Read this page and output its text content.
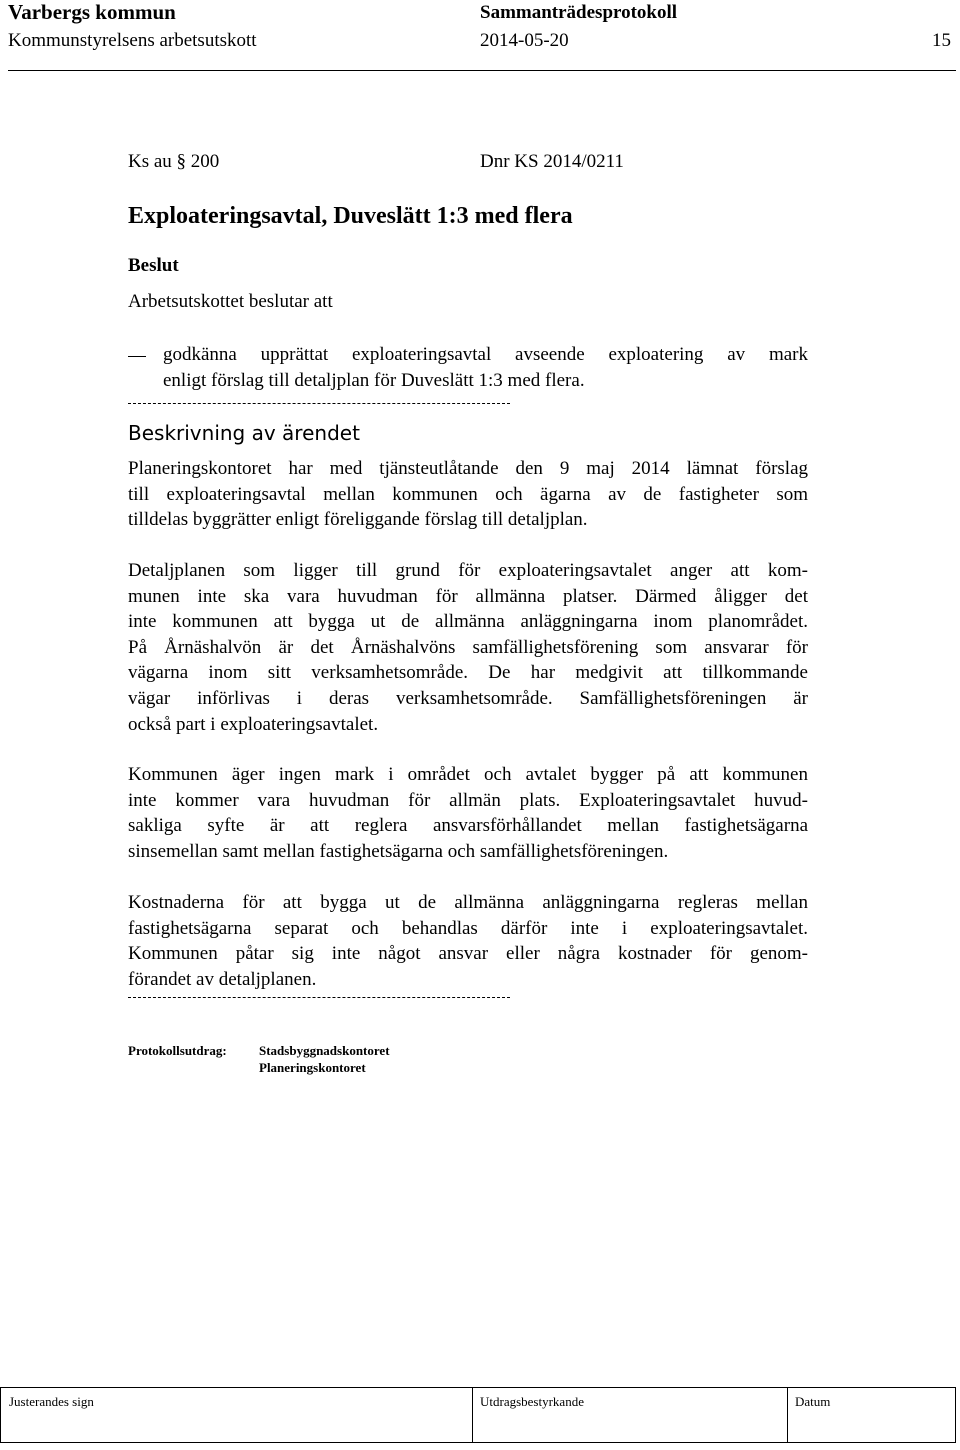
Varbergs kommun	Sammanträdesprotokoll
Kommunstyrelsens arbetsutskott	2014-05-20	15
Ks au § 200	Dnr KS 2014/0211
Exploateringsavtal, Duveslätt 1:3 med flera
Beslut
Arbetsutskottet beslutar att
godkänna upprättat exploateringsavtal avseende exploatering av mark
enligt förslag till detaljplan för Duveslätt 1:3 med flera.
Beskrivning av ärendet
Planeringskontoret har med tjänsteutlåtande den 9 maj 2014 lämnat förslag
till exploateringsavtal mellan kommunen och ägarna av de fastigheter som
tilldelas byggrätter enligt föreliggande förslag till detaljplan.
Detaljplanen som ligger till grund för exploateringsavtalet anger att kom-
munen inte ska vara huvudman för allmänna platser. Därmed åligger det
inte kommunen att bygga ut de allmänna anläggningarna inom planområdet.
På Årnäshalvön är det Årnäshalvöns samfällighetsförening som ansvarar för
vägarna inom sitt verksamhetsområde. De har medgivit att tillkommande
vägar införlivas i deras verksamhetsområde. Samfällighetsföreningen är
också part i exploateringsavtalet.
Kommunen äger ingen mark i området och avtalet bygger på att kommunen
inte kommer vara huvudman för allmän plats. Exploateringsavtalet huvud-
sakliga syfte är att reglera ansvarsförhållandet mellan fastighetsägarna
sinsemellan samt mellan fastighetsägarna och samfällighetsföreningen.
Kostnaderna för att bygga ut de allmänna anläggningarna regleras mellan
fastighetsägarna separat och behandlas därför inte i exploateringsavtalet.
Kommunen påtar sig inte något ansvar eller några kostnader för genom-
förandet av detaljplanen.
Protokollsutdrag: Stadsbyggnadskontoret
Planeringskontoret
Justerandes sign	Utdragsbestyrkande	Datum
